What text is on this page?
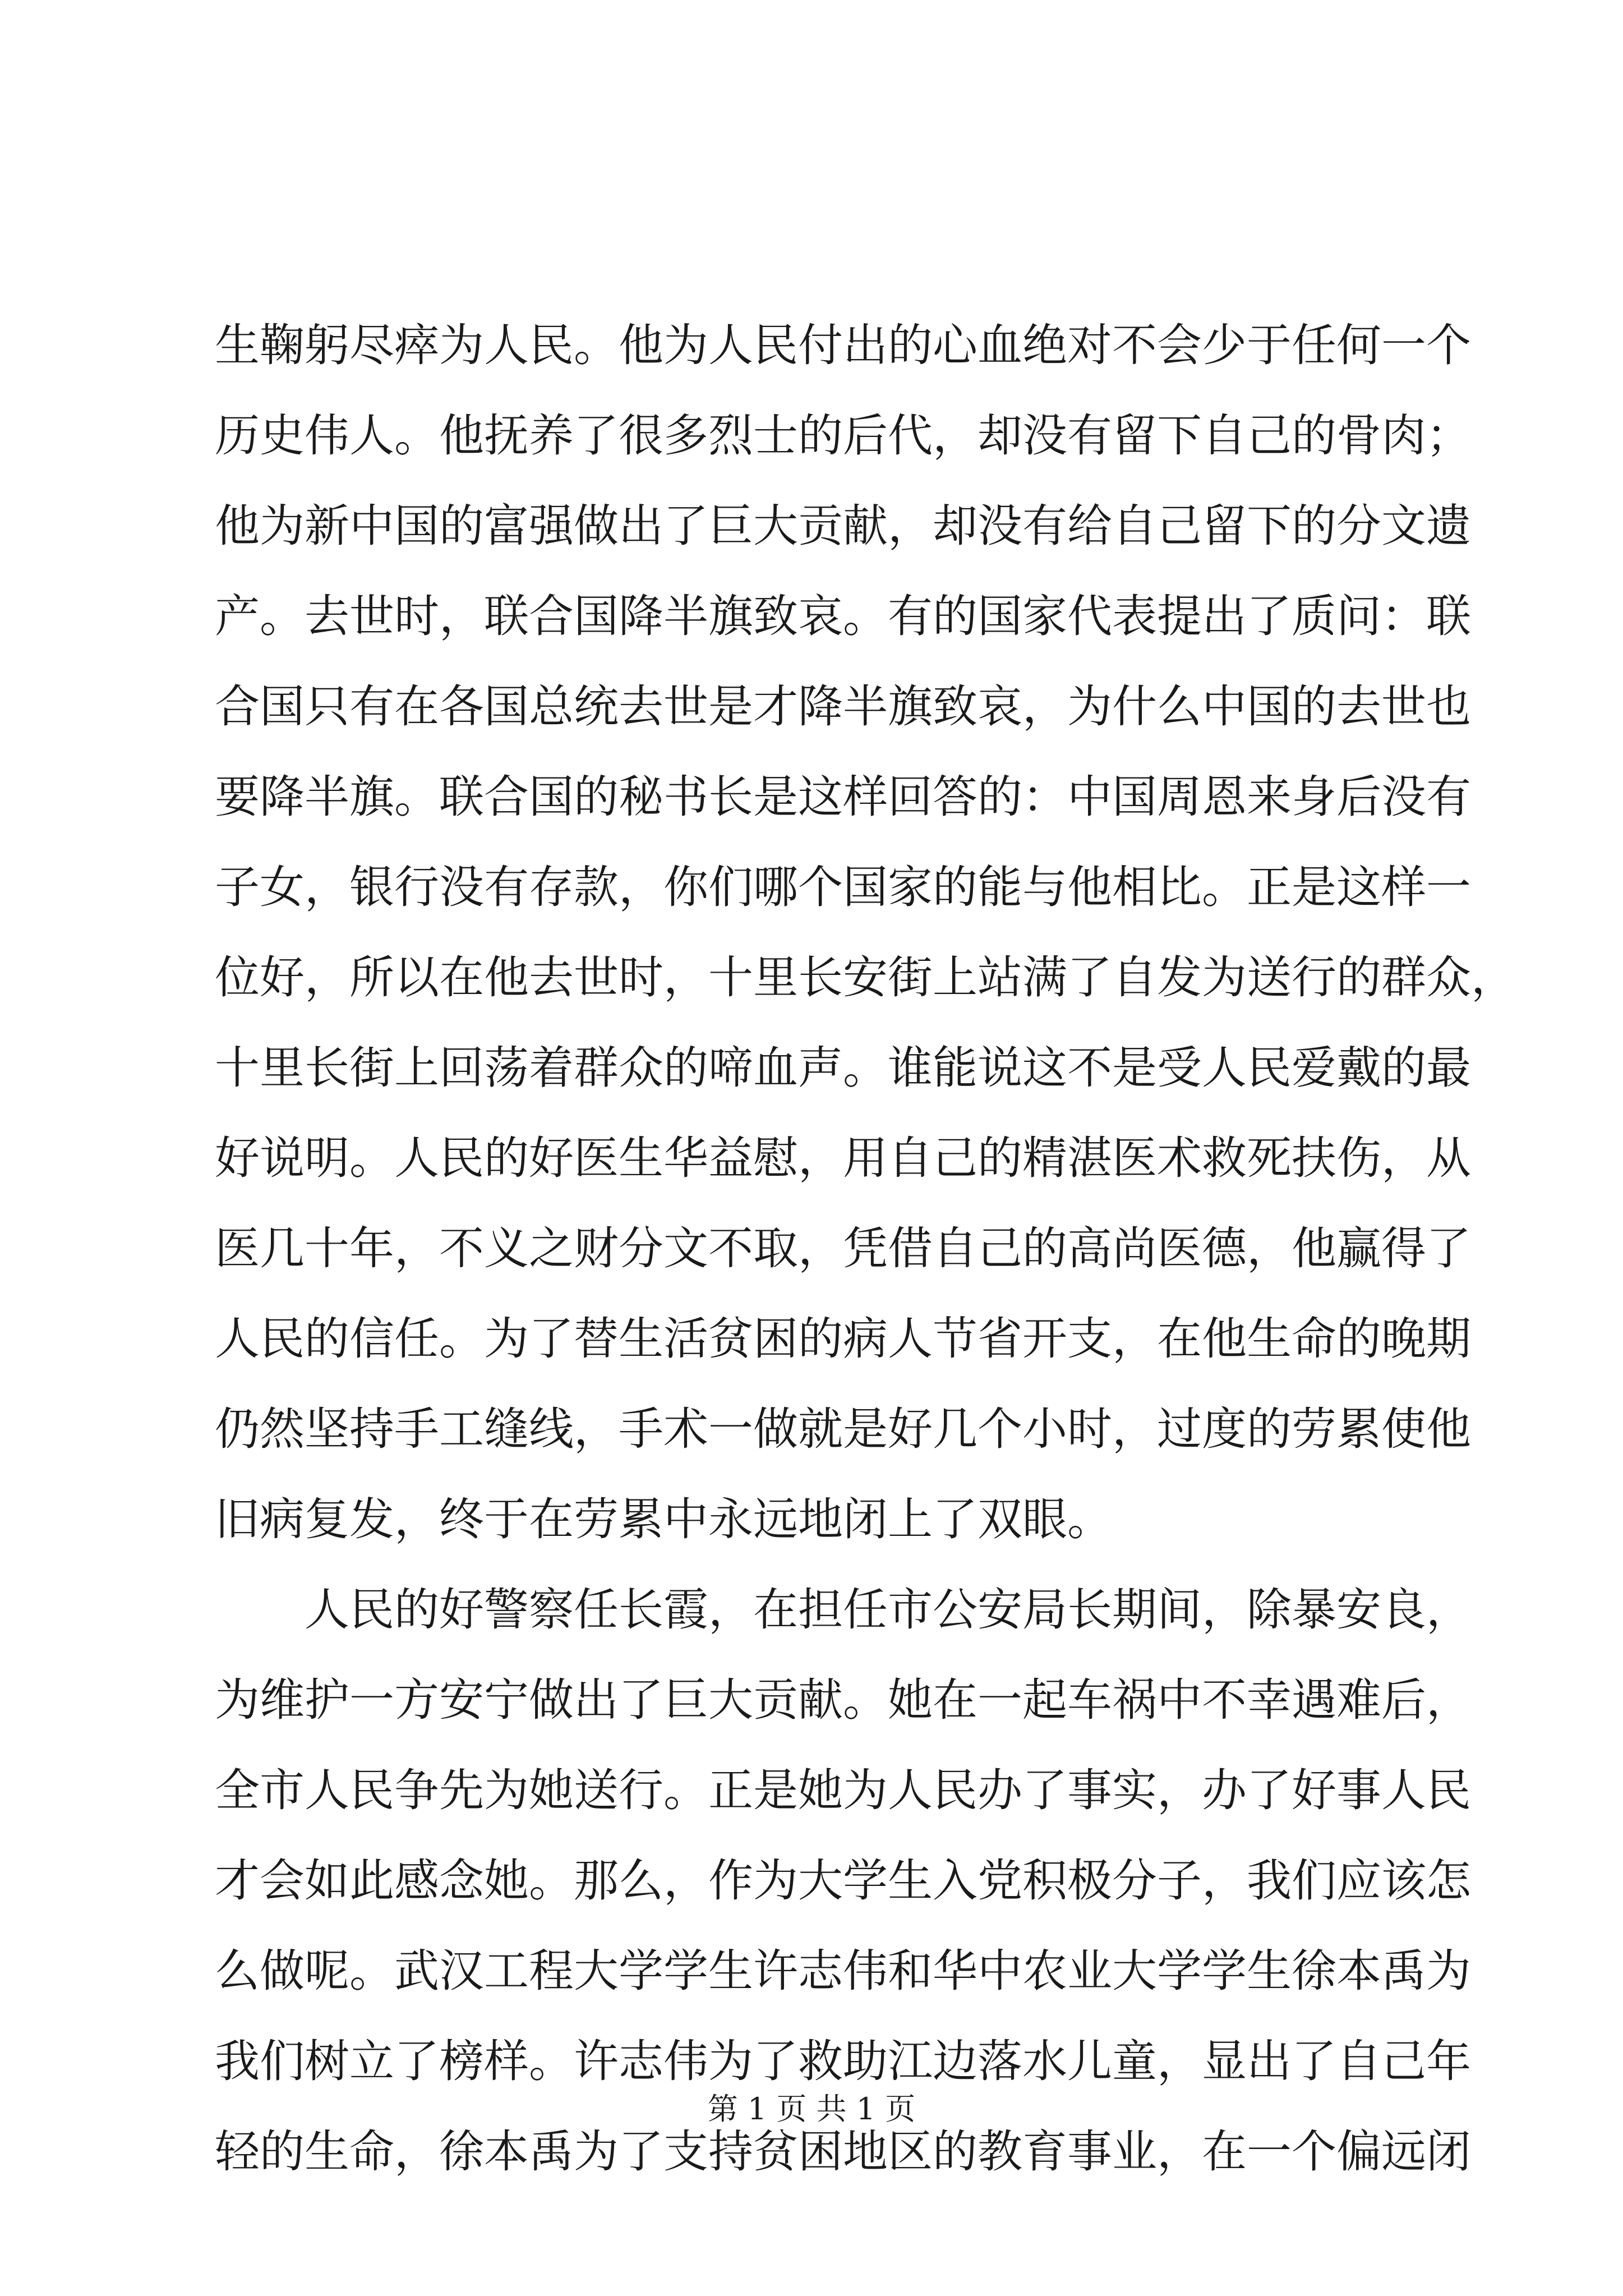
生鞠躬尽瘁为人民。他为人民付出的心血绝对不会少于任何一个
历史伟人。他抚养了很多烈士的后代，却没有留下自己的骨肉；
他为新中国的富强做出了巨大贡献，却没有给自己留下的分文遗
产。去世时，联合国降半旗致哀。有的国家代表提出了质问：联
合国只有在各国总统去世是才降半旗致哀，为什么中国的去世也
要降半旗。联合国的秘书长是这样回答的：中国周恩来身后没有
子女，银行没有存款，你们哪个国家的能与他相比。正是这样一
位好，所以在他去世时，十里长安街上站满了自发为送行的群众，
十里长街上回荡着群众的啼血声。谁能说这不是受人民爱戴的最
好说明。人民的好医生华益慰，用自己的精湛医术救死扶伤，从
医几十年，不义之财分文不取，凭借自己的高尚医德，他赢得了
人民的信任。为了替生活贫困的病人节省开支，在他生命的晚期
仍然坚持手工缝线，手术一做就是好几个小时，过度的劳累使他
旧病复发，终于在劳累中永远地闭上了双眼。
　　人民的好警察任长霞，在担任市公安局长期间，除暴安良，
为维护一方安宁做出了巨大贡献。她在一起车祸中不幸遇难后，
全市人民争先为她送行。正是她为人民办了事实，办了好事人民
才会如此感念她。那么，作为大学生入党积极分子，我们应该怎
么做呢。武汉工程大学学生许志伟和华中农业大学学生徐本禹为
我们树立了榜样。许志伟为了救助江边落水儿童，显出了自己年
轻的生命，徐本禹为了支持贫困地区的教育事业，在一个偏远闭
第 1 页 共 1 页
